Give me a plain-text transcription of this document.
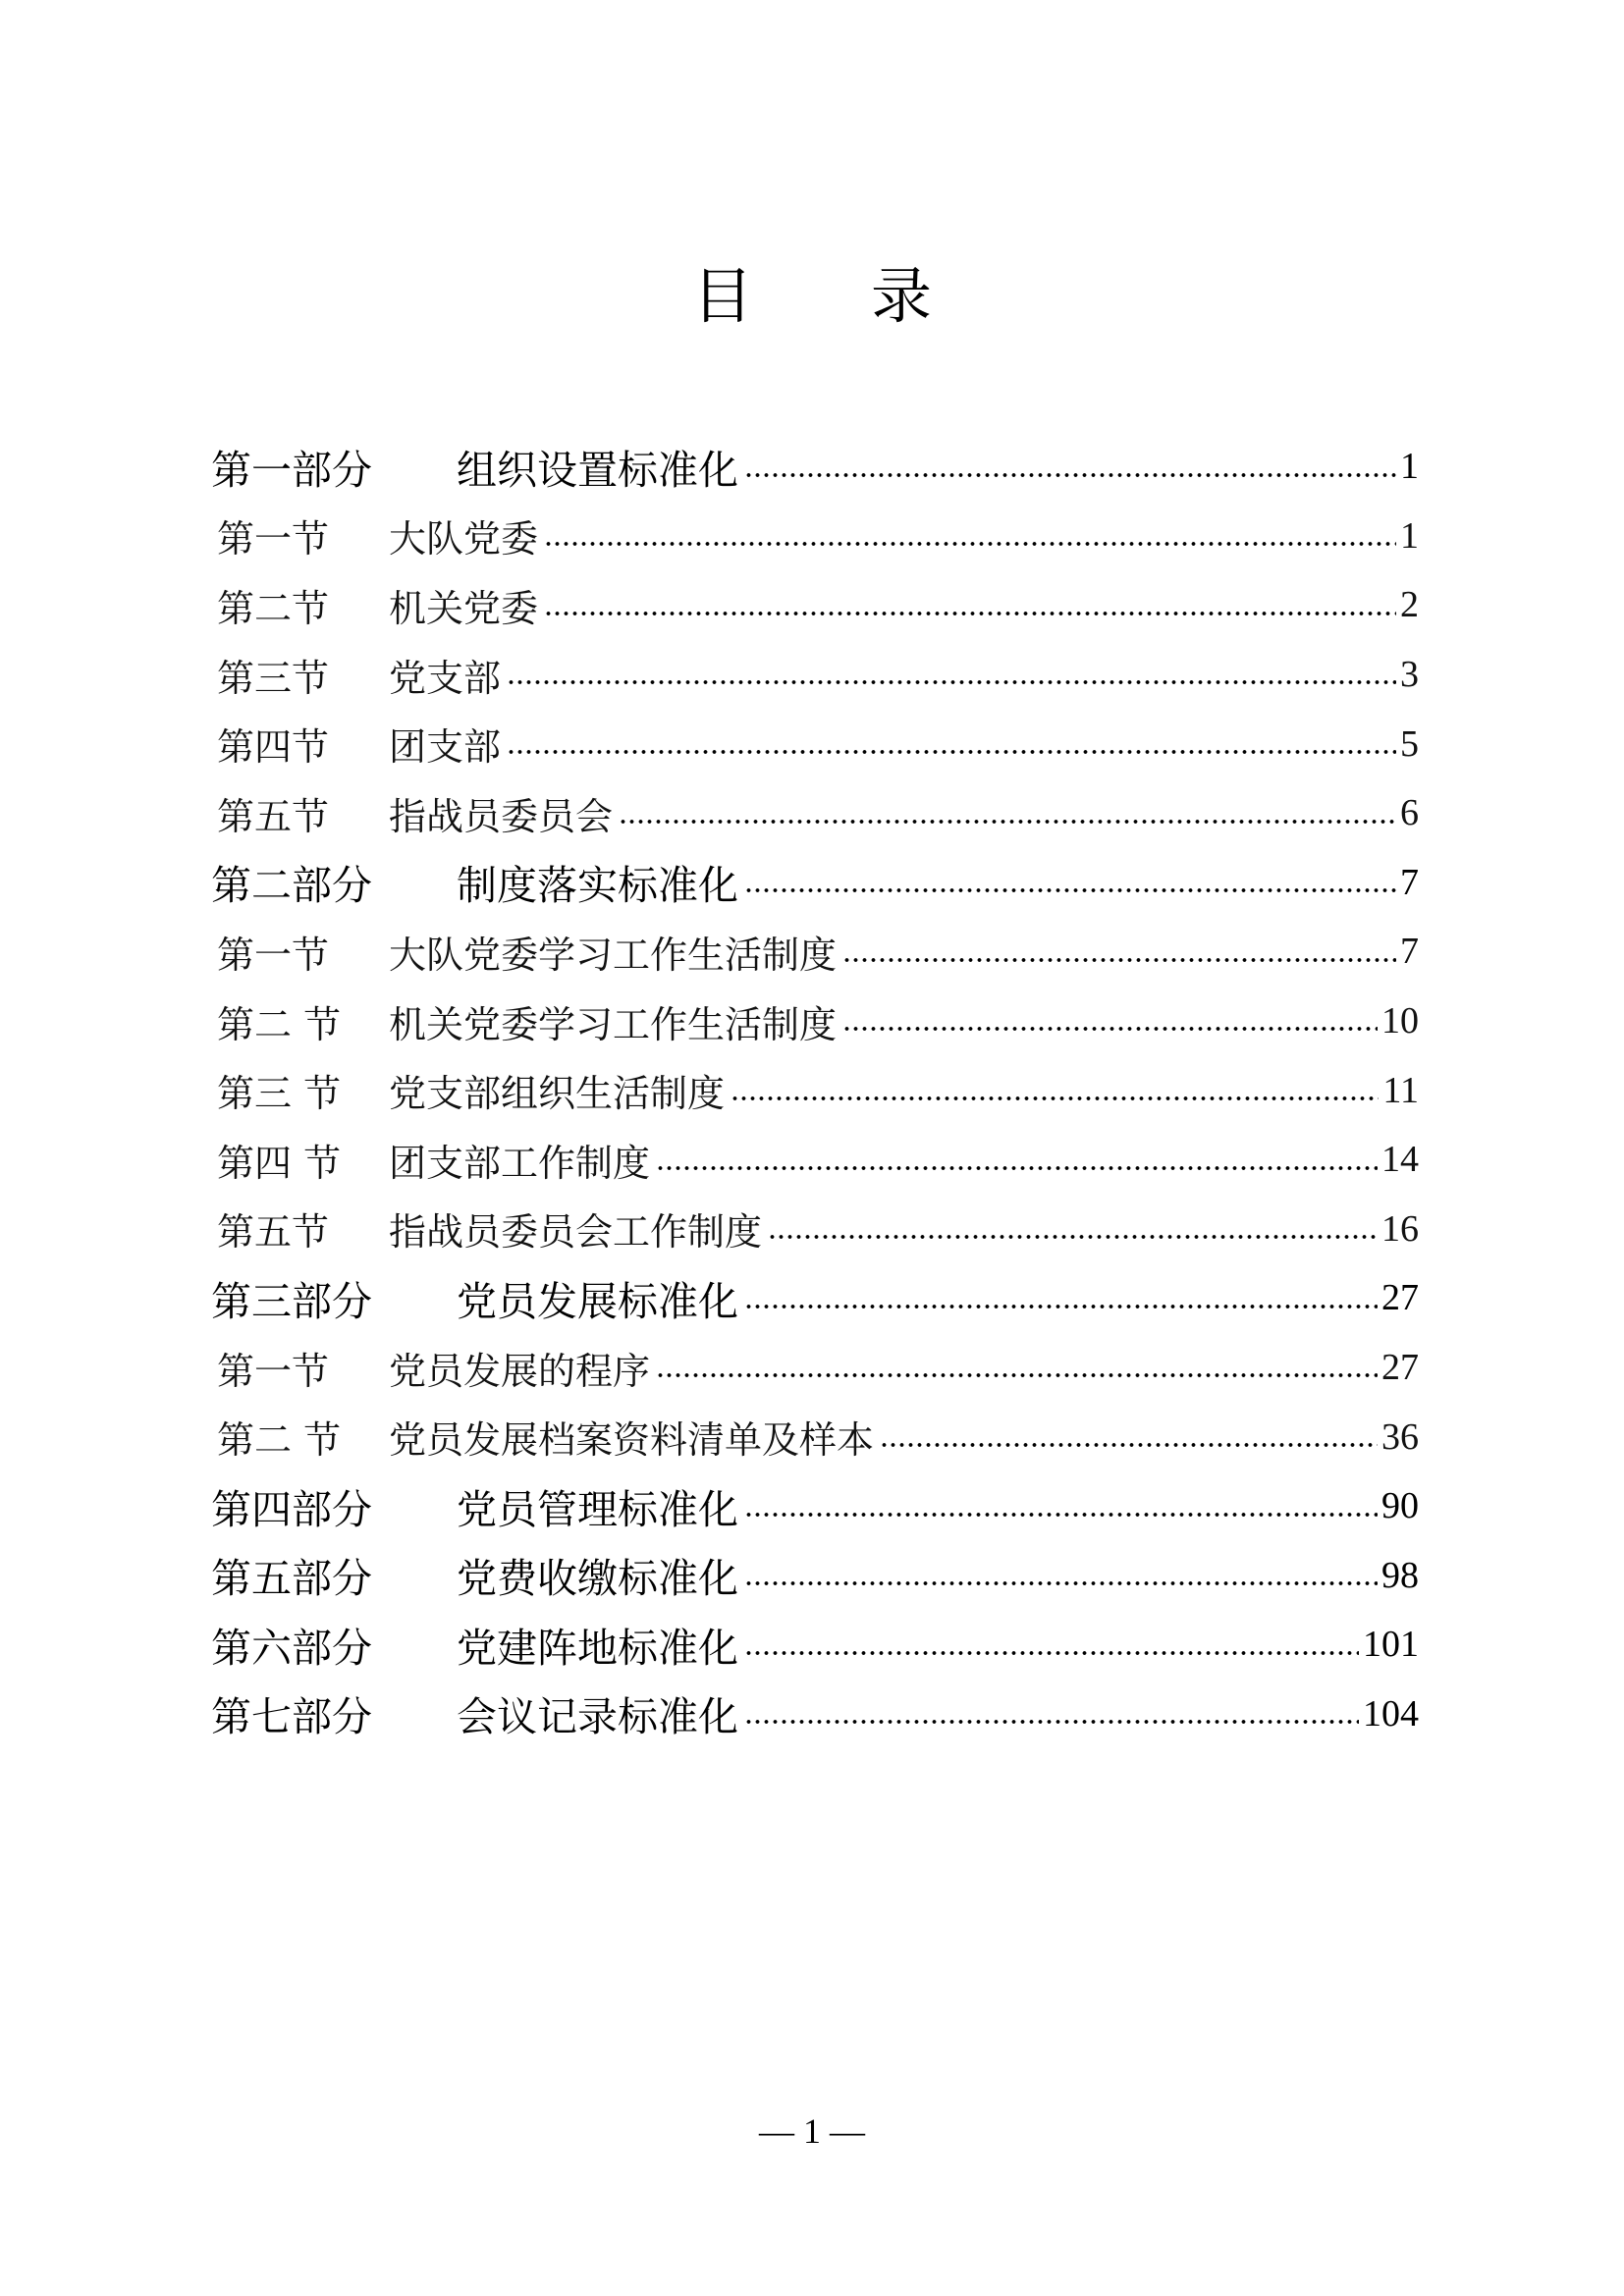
目录
第一部分	组织设置标准化	1
第一节	大队党委	1
第二节	机关党委	2
第三节	党支部	3
第四节	团支部	5
第五节	指战员委员会	6
第二部分	制度落实标准化	7
第一节	大队党委学习工作生活制度	7
第二 节	机关党委学习工作生活制度	10
第三 节	党支部组织生活制度	11
第四 节	团支部工作制度	14
第五节	指战员委员会工作制度	16
第三部分	党员发展标准化	27
第一节	党员发展的程序	27
第二 节	党员发展档案资料清单及样本	36
第四部分	党员管理标准化	90
第五部分	党费收缴标准化	98
第六部分	党建阵地标准化	101
第七部分	会议记录标准化	104
— 1 —
